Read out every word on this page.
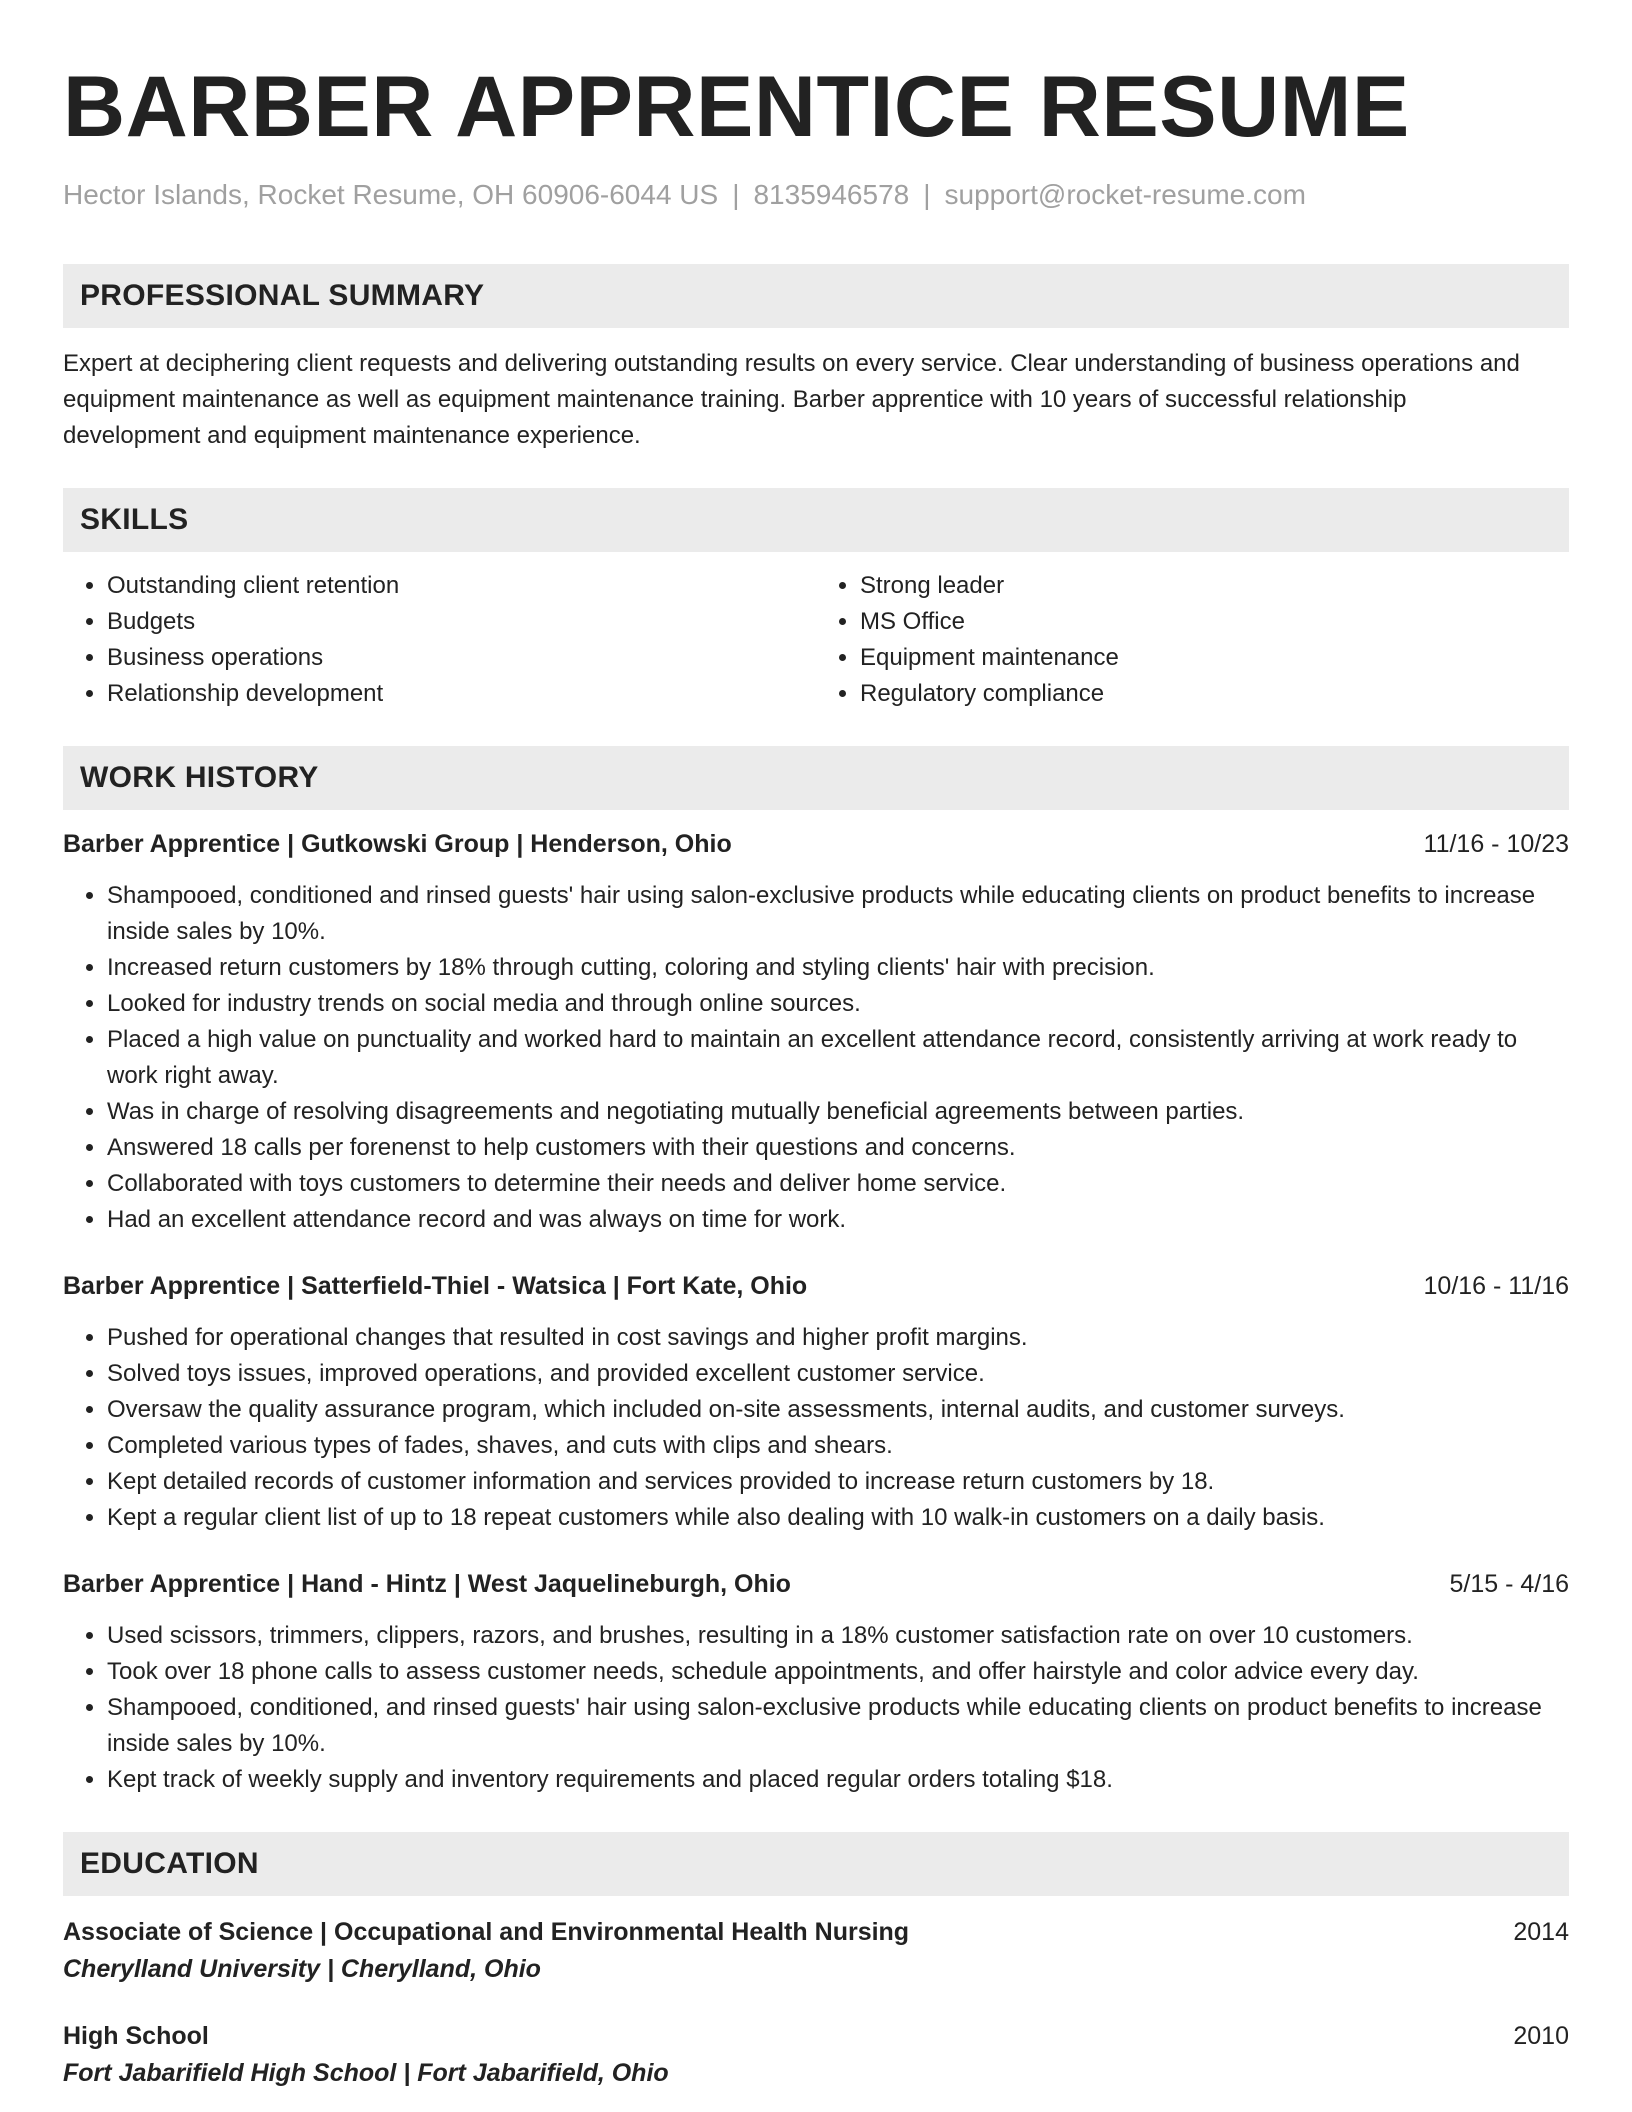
BARBER APPRENTICE RESUME
Hector Islands, Rocket Resume, OH 60906-6044 US | 8135946578 | support@rocket-resume.com
PROFESSIONAL SUMMARY
Expert at deciphering client requests and delivering outstanding results on every service. Clear understanding of business operations and equipment maintenance as well as equipment maintenance training. Barber apprentice with 10 years of successful relationship development and equipment maintenance experience.
SKILLS
• Outstanding client retention
• Budgets
• Business operations
• Relationship development
• Strong leader
• MS Office
• Equipment maintenance
• Regulatory compliance
WORK HISTORY
Barber Apprentice | Gutkowski Group | Henderson, Ohio	11/16 - 10/23
• Shampooed, conditioned and rinsed guests' hair using salon-exclusive products while educating clients on product benefits to increase inside sales by 10%.
• Increased return customers by 18% through cutting, coloring and styling clients' hair with precision.
• Looked for industry trends on social media and through online sources.
• Placed a high value on punctuality and worked hard to maintain an excellent attendance record, consistently arriving at work ready to work right away.
• Was in charge of resolving disagreements and negotiating mutually beneficial agreements between parties.
• Answered 18 calls per forenenst to help customers with their questions and concerns.
• Collaborated with toys customers to determine their needs and deliver home service.
• Had an excellent attendance record and was always on time for work.
Barber Apprentice | Satterfield-Thiel - Watsica | Fort Kate, Ohio	10/16 - 11/16
• Pushed for operational changes that resulted in cost savings and higher profit margins.
• Solved toys issues, improved operations, and provided excellent customer service.
• Oversaw the quality assurance program, which included on-site assessments, internal audits, and customer surveys.
• Completed various types of fades, shaves, and cuts with clips and shears.
• Kept detailed records of customer information and services provided to increase return customers by 18.
• Kept a regular client list of up to 18 repeat customers while also dealing with 10 walk-in customers on a daily basis.
Barber Apprentice | Hand - Hintz | West Jaquelineburgh, Ohio	5/15 - 4/16
• Used scissors, trimmers, clippers, razors, and brushes, resulting in a 18% customer satisfaction rate on over 10 customers.
• Took over 18 phone calls to assess customer needs, schedule appointments, and offer hairstyle and color advice every day.
• Shampooed, conditioned, and rinsed guests' hair using salon-exclusive products while educating clients on product benefits to increase inside sales by 10%.
• Kept track of weekly supply and inventory requirements and placed regular orders totaling $18.
EDUCATION
Associate of Science | Occupational and Environmental Health Nursing	2014
Cherylland University | Cherylland, Ohio
High School	2010
Fort Jabarifield High School | Fort Jabarifield, Ohio
